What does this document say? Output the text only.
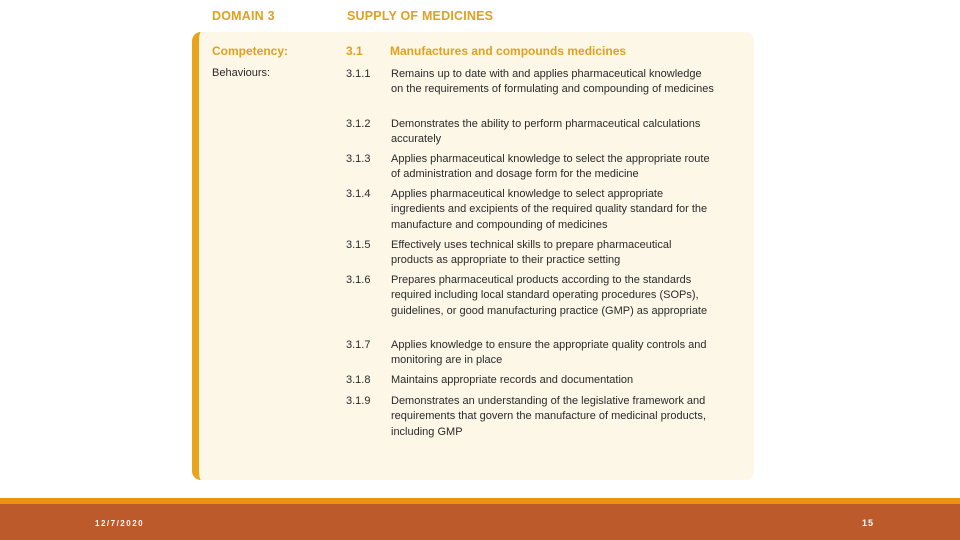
DOMAIN 3	SUPPLY OF MEDICINES
Competency:	3.1 Manufactures and compounds medicines
Behaviours:	3.1.1 Remains up to date with and applies pharmaceutical knowledge on the requirements of formulating and compounding of medicines
3.1.2 Demonstrates the ability to perform pharmaceutical calculations accurately
3.1.3 Applies pharmaceutical knowledge to select the appropriate route of administration and dosage form for the medicine
3.1.4 Applies pharmaceutical knowledge to select appropriate ingredients and excipients of the required quality standard for the manufacture and compounding of medicines
3.1.5 Effectively uses technical skills to prepare pharmaceutical products as appropriate to their practice setting
3.1.6 Prepares pharmaceutical products according to the standards required including local standard operating procedures (SOPs), guidelines, or good manufacturing practice (GMP) as appropriate
3.1.7 Applies knowledge to ensure the appropriate quality controls and monitoring are in place
3.1.8 Maintains appropriate records and documentation
3.1.9 Demonstrates an understanding of the legislative framework and requirements that govern the manufacture of medicinal products, including GMP
12/7/2020	15
